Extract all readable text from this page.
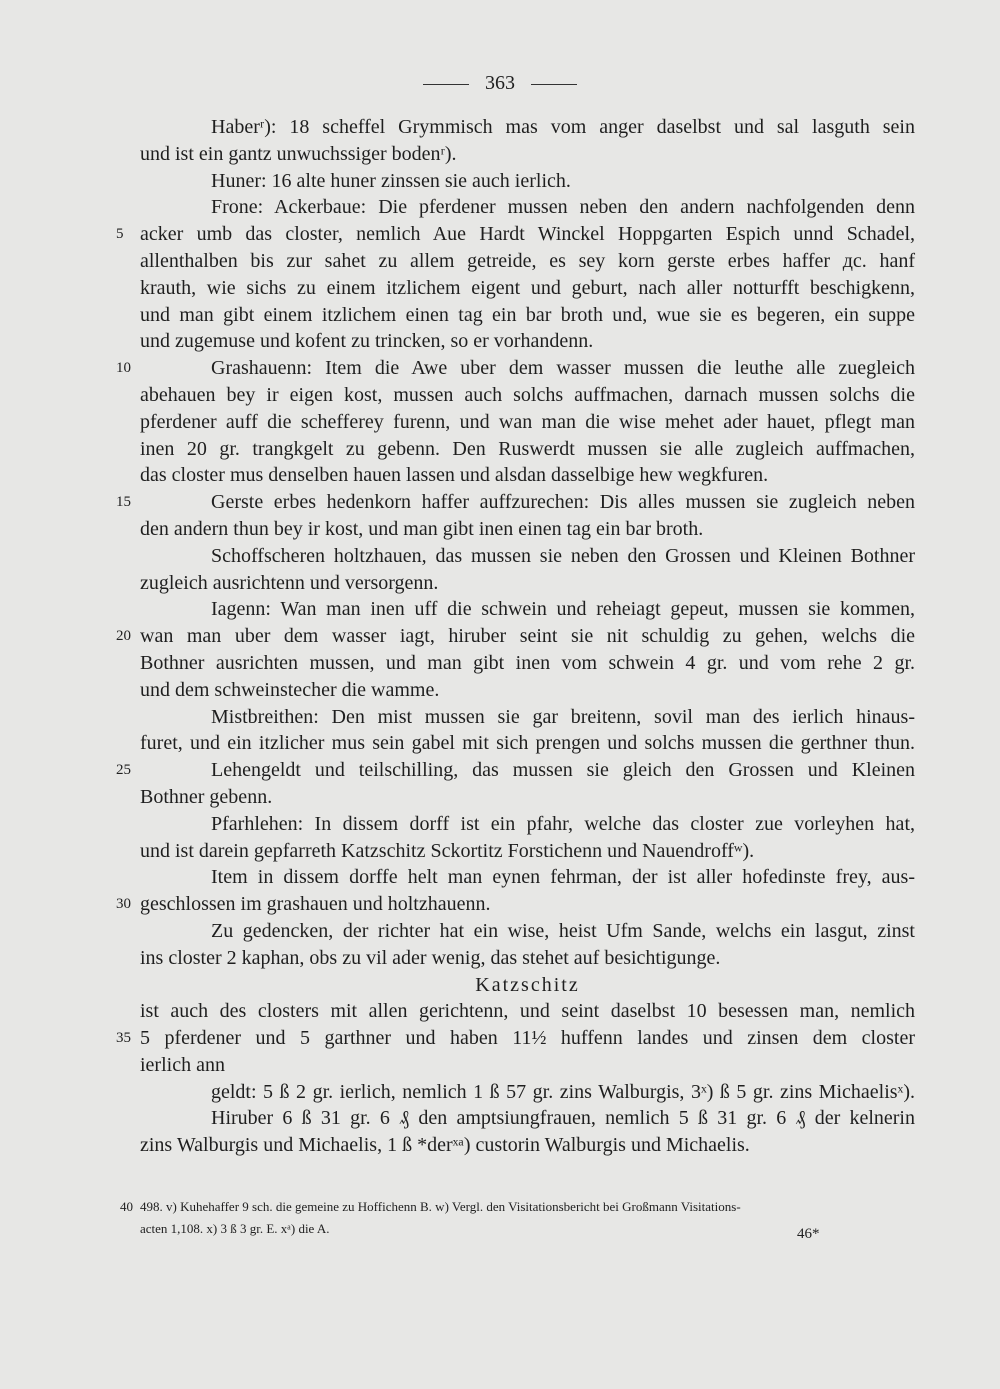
363
Haberʳ): 18 scheffel Grymmisch mas vom anger daselbst und sal lasguth sein
und ist ein gantz unwuchssiger bodenʳ).
Huner: 16 alte huner zinssen sie auch ierlich.
Frone: Ackerbaue: Die pferdener mussen neben den andern nachfolgenden denn
5 acker umb das closter, nemlich Aue Hardt Winckel Hoppgarten Espich unnd Schadel,
allenthalben bis zur sahet zu allem getreide, es sey korn gerste erbes haffer дc. hanf
krauth, wie sichs zu einem itzlichem eigent und geburt, nach aller notturfft beschigkenn,
und man gibt einem itzlichem einen tag ein bar broth und, wue sie es begeren, ein suppe
und zugemuse und kofent zu trincken, so er vorhandenn.
10	Grashauenn: Item die Awe uber dem wasser mussen die leuthe alle zuegleich
abehauen bey ir eigen kost, mussen auch solchs auffmachen, darnach mussen solchs die
pferdener auff die schefferey furenn, und wan man die wise mehet ader hauet, pflegt man
inen 20 gr. trangkgelt zu gebenn. Den Ruswerdt mussen sie alle zugleich auffmachen,
das closter mus denselben hauen lassen und alsdan dasselbige hew wegkfuren.
15	Gerste erbes hedenkorn haffer auffzurechen: Dis alles mussen sie zugleich neben
den andern thun bey ir kost, und man gibt inen einen tag ein bar broth.
Schoffscheren holtzhauen, das mussen sie neben den Grossen und Kleinen Bothner
zugleich ausrichtenn und versorgenn.
Iagenn: Wan man inen uff die schwein und reheiagt gepeut, mussen sie kommen,
20 wan man uber dem wasser iagt, hiruber seint sie nit schuldig zu gehen, welchs die
Bothner ausrichten mussen, und man gibt inen vom schwein 4 gr. und vom rehe 2 gr.
und dem schweinstecher die wamme.
Mistbreithen: Den mist mussen sie gar breitenn, sovil man des ierlich hinaus-
furet, und ein itzlicher mus sein gabel mit sich prengen und solchs mussen die gerthner thun.
25	Lehengeldt und teilschilling, das mussen sie gleich den Grossen und Kleinen
Bothner gebenn.
Pfarhlehen: In dissem dorff ist ein pfahr, welche das closter zue vorleyhen hat,
und ist darein gepfarreth Katzschitz Sckortitz Forstichenn und Nauendroffʷ).
Item in dissem dorffe helt man eynen fehrman, der ist aller hofedinste frey, aus-
30 geschlossen im grashauen und holtzhauenn.
Zu gedencken, der richter hat ein wise, heist Ufm Sande, welchs ein lasgut, zinst
ins closter 2 kaphan, obs zu vil ader wenig, das stehet auf besichtigunge.
Katzschitz
ist auch des closters mit allen gerichtenn, und seint daselbst 10 besessen man, nemlich
35 5 pferdener und 5 garthner und haben 11½ huffenn landes und zinsen dem closter
ierlich ann
geldt: 5 ß 2 gr. ierlich, nemlich 1 ß 57 gr. zins Walburgis, 3ˣ) ß 5 gr. zins Michaelisˣ).
Hiruber 6 ß 31 gr. 6 ₰ den amptsiungfrauen, nemlich 5 ß 31 gr. 6 ₰ der kelnerin
zins Walburgis und Michaelis, 1 ß *derˣᵃ) custorin Walburgis und Michaelis.
40 498. v) Kuhehaffer 9 sch. die gemeine zu Hoffichenn B. w) Vergl. den Visitationsbericht bei Großmann Visitations-
acten 1,108. x) 3 ß 3 gr. E. xᵃ) die A.	46*
